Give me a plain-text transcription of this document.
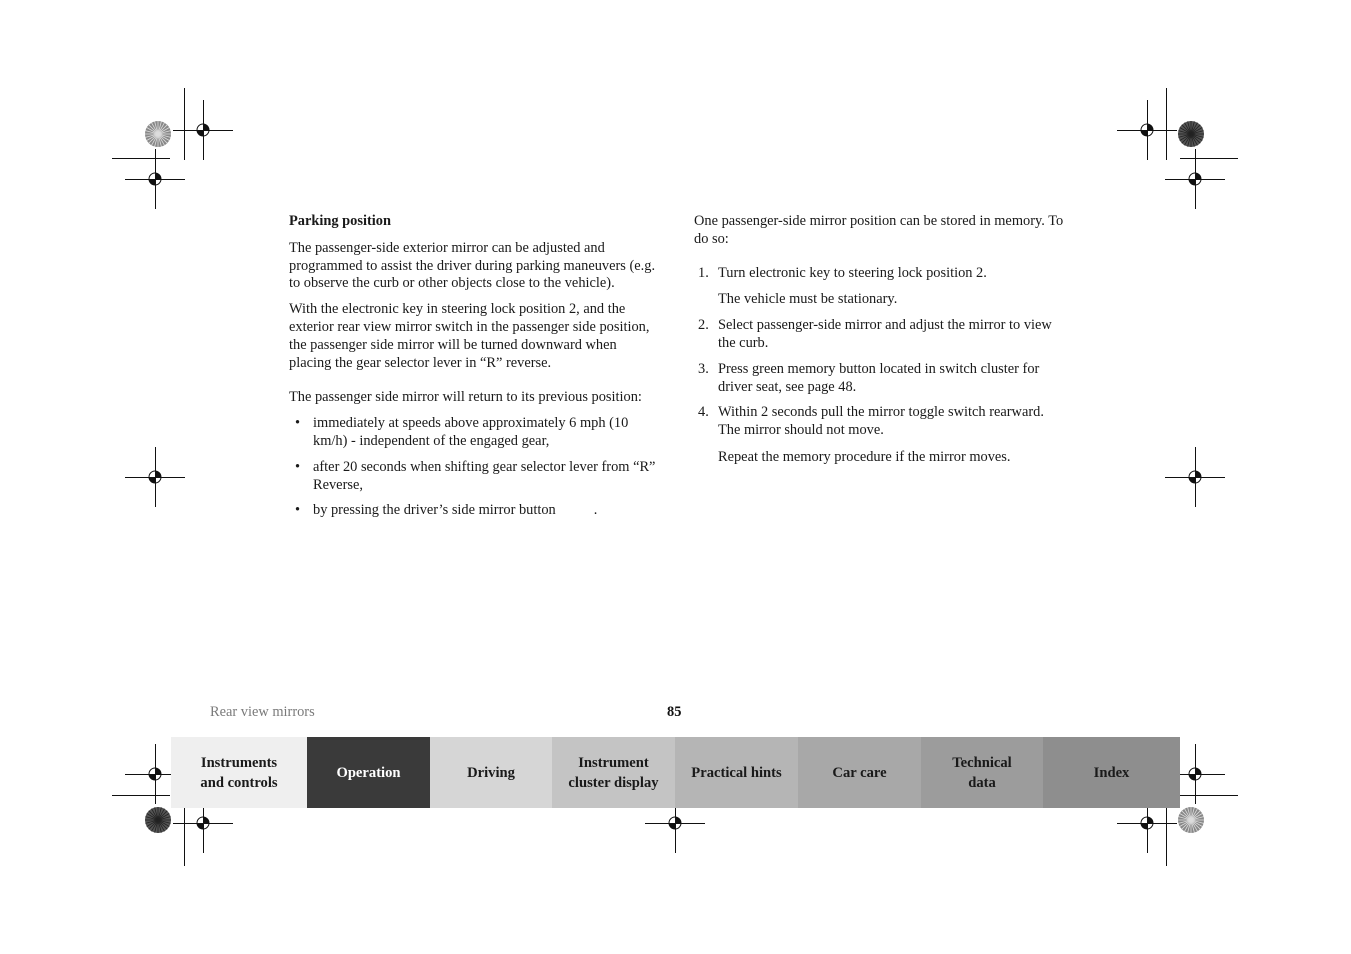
Parking position

The passenger-side exterior mirror can be adjusted and programmed to assist the driver during parking maneuvers (e.g. to observe the curb or other objects close to the vehicle).

With the electronic key in steering lock position 2, and the exterior rear view mirror switch in the passenger side position, the passenger side mirror will be turned downward when placing the gear selector lever in “R” reverse.

The passenger side mirror will return to its previous position:

• immediately at speeds above approximately 6 mph (10 km/h) - independent of the engaged gear,
• after 20 seconds when shifting gear selector lever from “R” Reverse,
• by pressing the driver’s side mirror button	.

One passenger-side mirror position can be stored in memory. To do so:

1. Turn electronic key to steering lock position 2.
The vehicle must be stationary.
2. Select passenger-side mirror and adjust the mirror to view the curb.
3. Press green memory button located in switch cluster for driver seat, see page 48.
4. Within 2 seconds pull the mirror toggle switch rearward. The mirror should not move.
Repeat the memory procedure if the mirror moves.
Rear view mirrors	85
Instruments
and controls
Operation	Driving
Instrument
cluster display
Practical hints	Car care
Technical
data
Index
